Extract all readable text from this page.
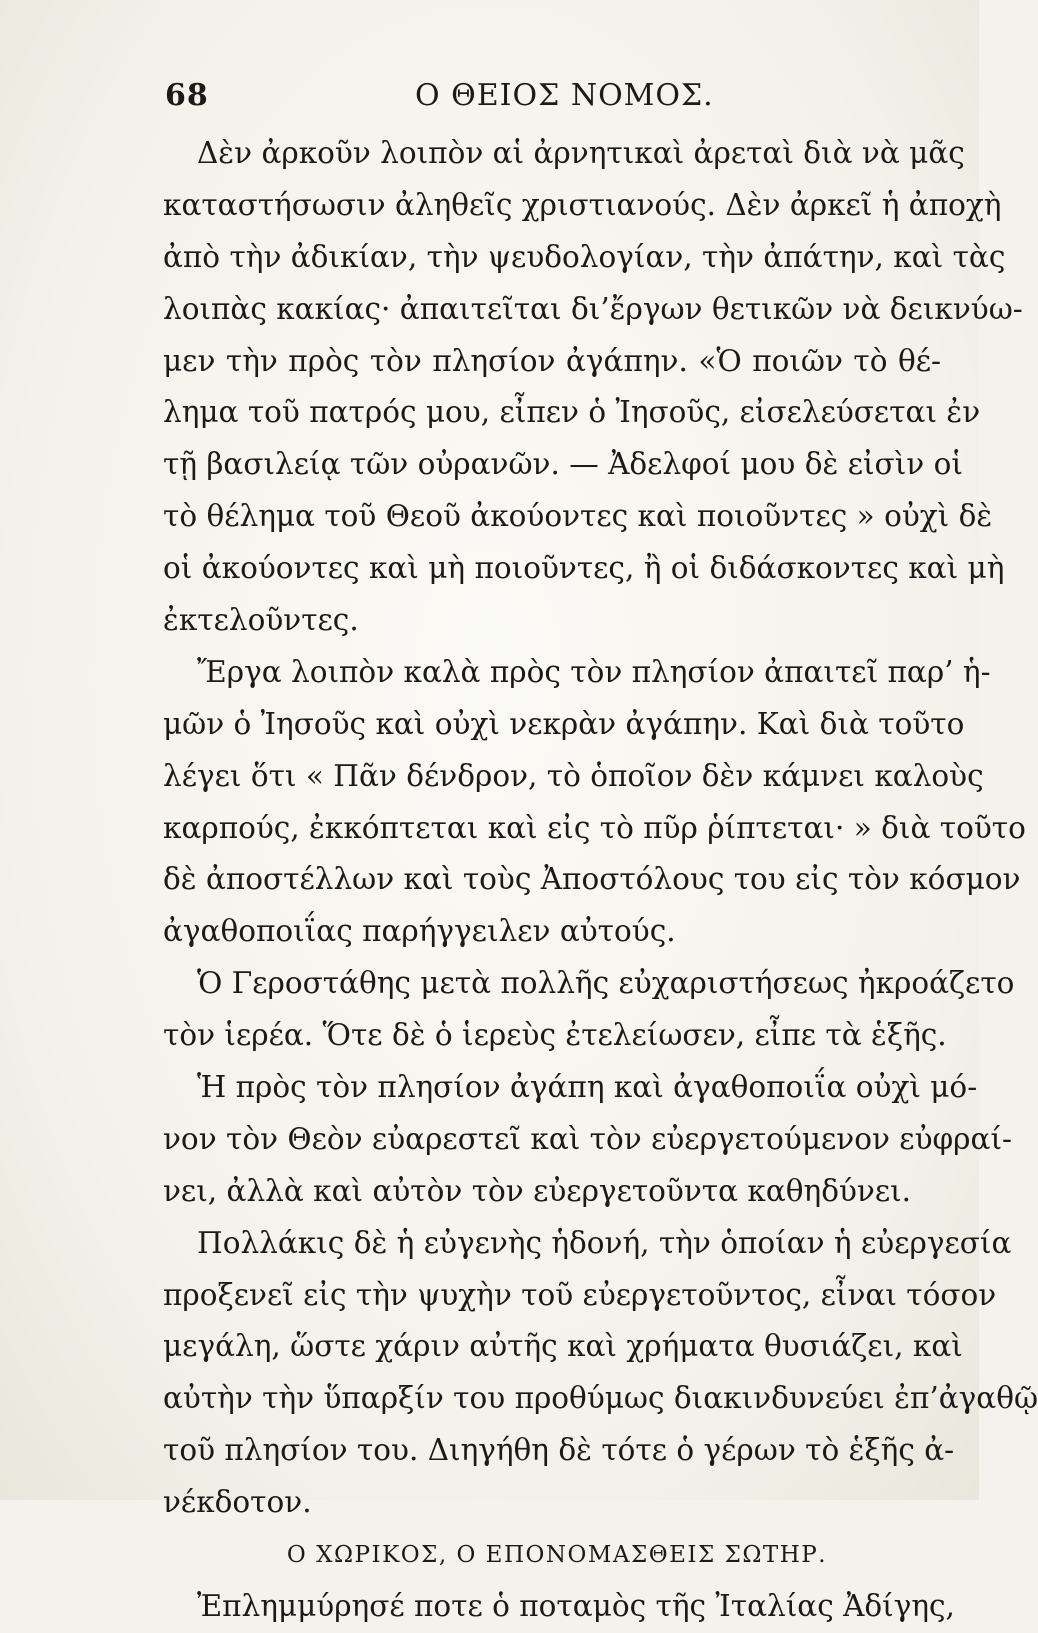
68	Ο ΘΕΙΟΣ ΝΟΜΟΣ.
Δὲν ἀρκοῦν λοιπὸν αἱ ἀρνητικαὶ ἀρεταὶ διὰ νὰ μᾶς
καταστήσωσιν ἀληθεῖς χριστιανούς. Δὲν ἀρκεῖ ἡ ἀποχὴ
ἀπὸ τὴν ἀδικίαν, τὴν ψευδολογίαν, τὴν ἀπάτην, καὶ τὰς
λοιπὰς κακίας· ἀπαιτεῖται δι’ἔργων θετικῶν νὰ δεικνύω-
μεν τὴν πρὸς τὸν πλησίον ἀγάπην. «Ὁ ποιῶν τὸ θέ-
λημα τοῦ πατρός μου, εἶπεν ὁ Ἰησοῦς, εἰσελεύσεται ἐν
τῇ βασιλείᾳ τῶν οὐρανῶν. — Ἀδελφοί μου δὲ εἰσὶν οἱ
τὸ θέλημα τοῦ Θεοῦ ἀκούοντες καὶ ποιοῦντες » οὐχὶ δὲ
οἱ ἀκούοντες καὶ μὴ ποιοῦντες, ἢ οἱ διδάσκοντες καὶ μὴ
ἐκτελοῦντες.
Ἔργα λοιπὸν καλὰ πρὸς τὸν πλησίον ἀπαιτεῖ παρ’ ἡ-
μῶν ὁ Ἰησοῦς καὶ οὐχὶ νεκρὰν ἀγάπην. Καὶ διὰ τοῦτο
λέγει ὅτι « Πᾶν δένδρον, τὸ ὁποῖον δὲν κάμνει καλοὺς
καρπούς, ἐκκόπτεται καὶ εἰς τὸ πῦρ ῥίπτεται· » διὰ τοῦτο
δὲ ἀποστέλλων καὶ τοὺς Ἀποστόλους του εἰς τὸν κόσμον
ἀγαθοποιΐας παρήγγειλεν αὐτούς.
Ὁ Γεροστάθης μετὰ πολλῆς εὐχαριστήσεως ἠκροάζετο
τὸν ἱερέα. Ὅτε δὲ ὁ ἱερεὺς ἐτελείωσεν, εἶπε τὰ ἑξῆς.
Ἡ πρὸς τὸν πλησίον ἀγάπη καὶ ἀγαθοποιΐα οὐχὶ μό-
νον τὸν Θεὸν εὐαρεστεῖ καὶ τὸν εὐεργετούμενον εὐφραί-
νει, ἀλλὰ καὶ αὐτὸν τὸν εὐεργετοῦντα καθηδύνει.
Πολλάκις δὲ ἡ εὐγενὴς ἡδονή, τὴν ὁποίαν ἡ εὐεργεσία
προξενεῖ εἰς τὴν ψυχὴν τοῦ εὐεργετοῦντος, εἶναι τόσον
μεγάλη, ὥστε χάριν αὐτῆς καὶ χρήματα θυσιάζει, καὶ
αὐτὴν τὴν ὕπαρξίν του προθύμως διακινδυνεύει ἐπ’ἀγαθῷ
τοῦ πλησίον του. Διηγήθη δὲ τότε ὁ γέρων τὸ ἑξῆς ἀ-
νέκδοτον.
Ο ΧΩΡΙΚΟΣ, Ο ΕΠΟΝΟΜΑΣΘΕΙΣ ΣΩΤΗΡ.
Ἐπλημμύρησέ ποτε ὁ ποταμὸς τῆς Ἰταλίας Ἀδίγης,
